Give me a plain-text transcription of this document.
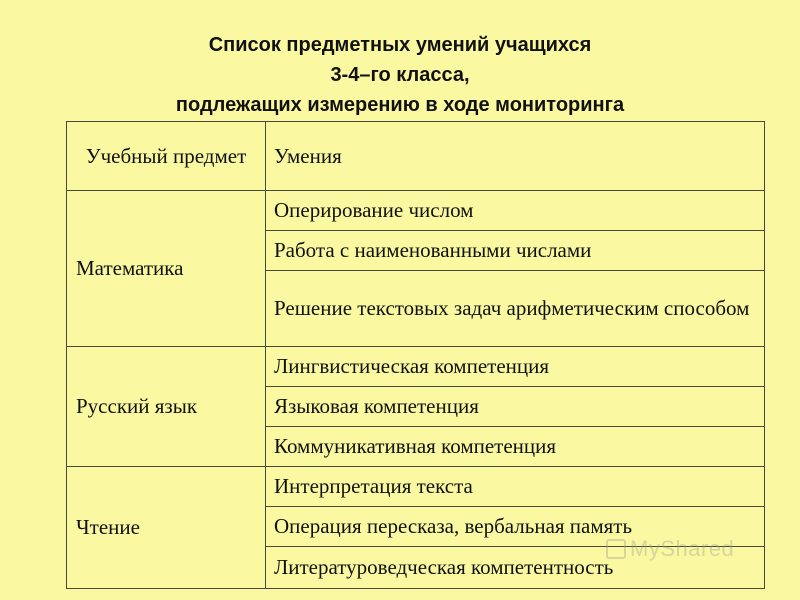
Список предметных умений учащихся
3-4–го класса,
подлежащих измерению в ходе мониторинга
Учебный предмет	Умения
Математика	Оперирование числом
	Работа с наименованными числами
	Решение текстовых задач арифметическим способом
Русский язык	Лингвистическая компетенция
	Языковая компетенция
	Коммуникативная компетенция
Чтение	Интерпретация текста
	Операция пересказа, вербальная память
	Литературоведческая компетентность
MyShared
